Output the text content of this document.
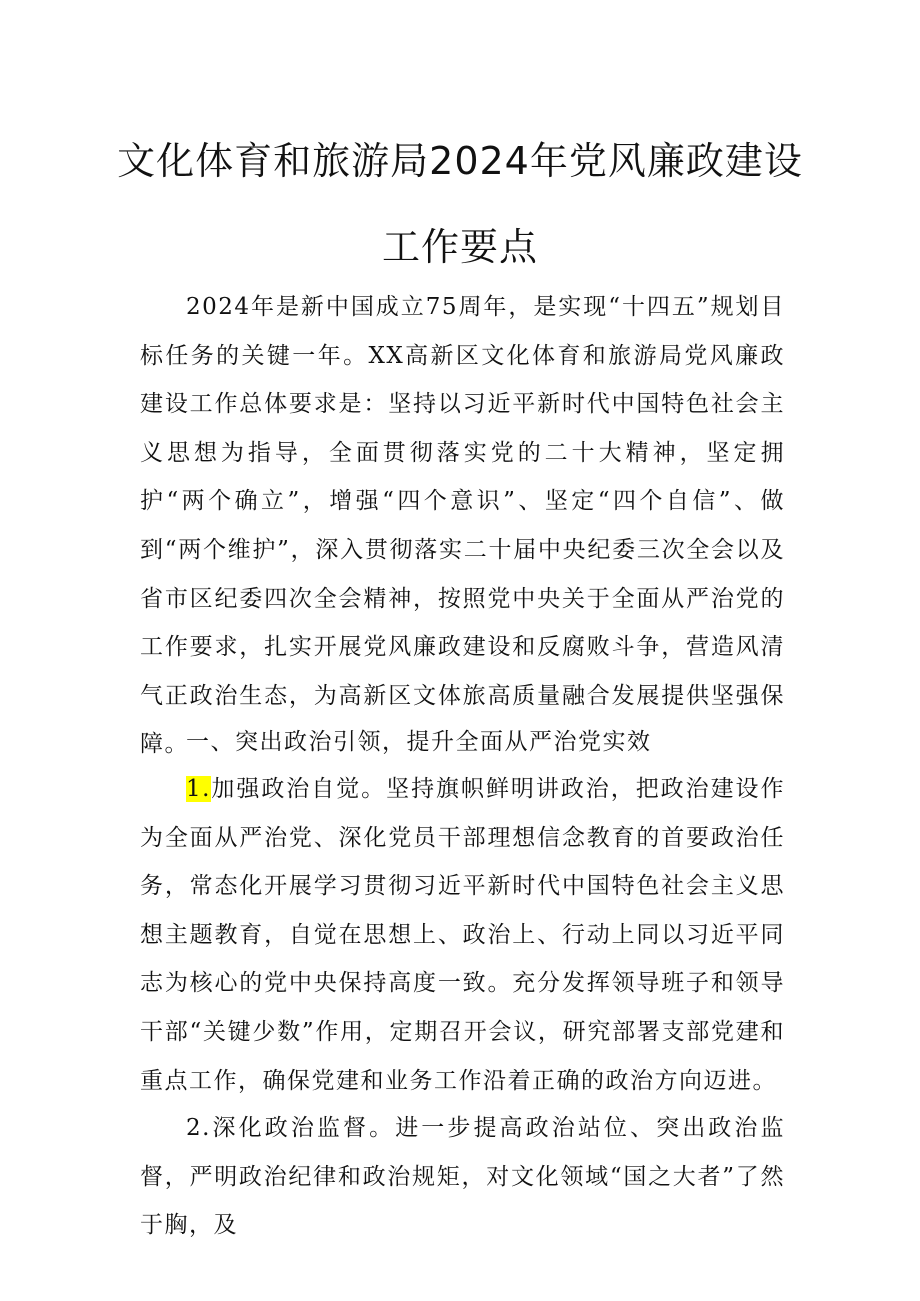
文化体育和旅游局2024年党风廉政建设
工作要点

2024年是新中国成立75周年，是实现“十四五”规划目标任务的关键一年。XX高新区文化体育和旅游局党风廉政建设工作总体要求是：坚持以习近平新时代中国特色社会主义思想为指导，全面贯彻落实党的二十大精神，坚定拥护“两个确立”，增强“四个意识”、坚定“四个自信”、做到“两个维护”，深入贯彻落实二十届中央纪委三次全会以及省市区纪委四次全会精神，按照党中央关于全面从严治党的工作要求，扎实开展党风廉政建设和反腐败斗争，营造风清气正政治生态，为高新区文体旅高质量融合发展提供坚强保障。

一、突出政治引领，提升全面从严治党实效

1.加强政治自觉。坚持旗帜鲜明讲政治，把政治建设作为全面从严治党、深化党员干部理想信念教育的首要政治任务，常态化开展学习贯彻习近平新时代中国特色社会主义思想主题教育，自觉在思想上、政治上、行动上同以习近平同志为核心的党中央保持高度一致。充分发挥领导班子和领导干部“关键少数”作用，定期召开会议，研究部署支部党建和重点工作，确保党建和业务工作沿着正确的政治方向迈进。

2.深化政治监督。进一步提高政治站位、突出政治监督，严明政治纪律和政治规矩，对文化领域“国之大者”了然于胸，及
